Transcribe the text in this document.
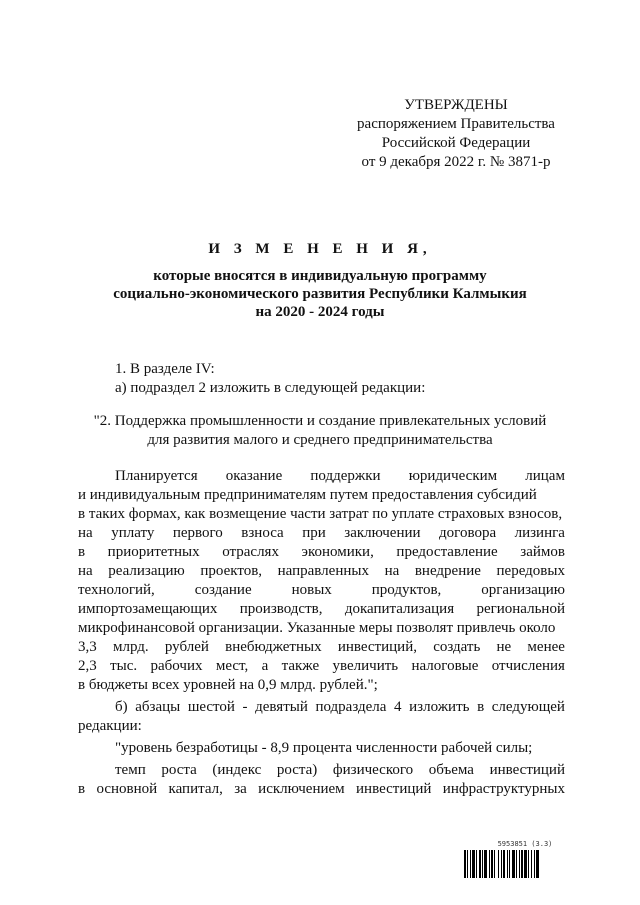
УТВЕРЖДЕНЫ
распоряжением Правительства
Российской Федерации
от 9 декабря 2022 г. № 3871-р
И З М Е Н Е Н И Я,
которые вносятся в индивидуальную программу
социально-экономического развития Республики Калмыкия
на 2020 - 2024 годы
1. В разделе IV:
а) подраздел 2 изложить в следующей редакции:
"2. Поддержка промышленности и создание привлекательных условий
для развития малого и среднего предпринимательства
Планируется оказание поддержки юридическим лицам
и индивидуальным предпринимателям путем предоставления субсидий
в таких формах, как возмещение части затрат по уплате страховых взносов,
на уплату первого взноса при заключении договора лизинга
в приоритетных отраслях экономики, предоставление займов
на реализацию проектов, направленных на внедрение передовых
технологий,	создание	новых	продуктов,	организацию
импортозамещающих производств, докапитализация региональной
микрофинансовой организации. Указанные меры позволят привлечь около
3,3 млрд. рублей внебюджетных инвестиций, создать не менее
2,3 тыс. рабочих мест, а также увеличить налоговые отчисления
в бюджеты всех уровней на 0,9 млрд. рублей.";
б) абзацы шестой - девятый подраздела 4 изложить в следующей
редакции:
"уровень безработицы - 8,9 процента численности рабочей силы;
темп роста (индекс роста) физического объема инвестиций
в основной капитал, за исключением инвестиций инфраструктурных
5953851 (3.3)
